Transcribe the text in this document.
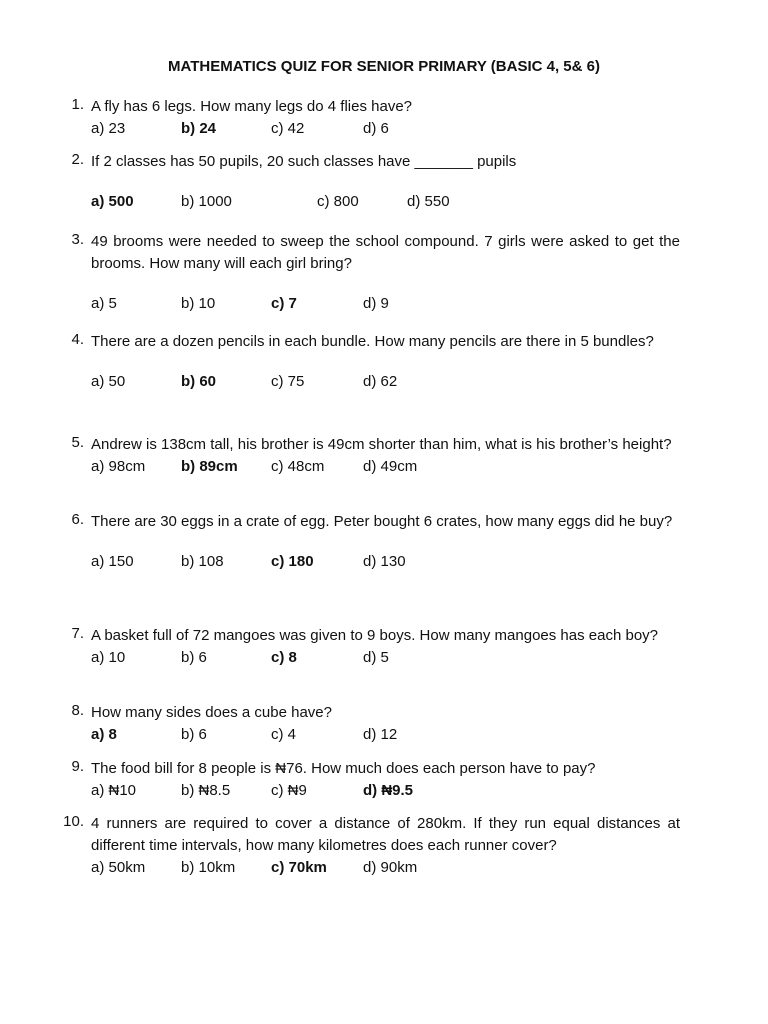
MATHEMATICS QUIZ FOR SENIOR PRIMARY (BASIC 4, 5& 6)
1. A fly has 6 legs. How many legs do 4 flies have?
a) 23	b) 24	c) 42	d) 6
2. If 2 classes has 50 pupils, 20 such classes have _______ pupils
a) 500	b) 1000	c) 800	d) 550
3. 49 brooms were needed to sweep the school compound. 7 girls were asked to get the brooms. How many will each girl bring?
a) 5	b) 10	c) 7	d) 9
4. There are a dozen pencils in each bundle. How many pencils are there in 5 bundles?
a) 50	b) 60	c) 75	d) 62
5. Andrew is 138cm tall, his brother is 49cm shorter than him, what is his brother’s height?
a) 98cm b) 89cm c) 48cm	d) 49cm
6. There are 30 eggs in a crate of egg. Peter bought 6 crates, how many eggs did he buy?
a) 150	b) 108	c) 180	d) 130
7. A basket full of 72 mangoes was given to 9 boys. How many mangoes has each boy?
a) 10	b) 6	c) 8	d) 5
8. How many sides does a cube have?
a) 8	b) 6	c) 4	d) 12
9. The food bill for 8 people is ₦76. How much does each person have to pay?
a) ₦10	b) ₦8.5	c) ₦9	d) ₦9.5
10. 4 runners are required to cover a distance of 280km. If they run equal distances at different time intervals, how many kilometres does each runner cover?
a) 50km b) 10km c) 70km d) 90km
